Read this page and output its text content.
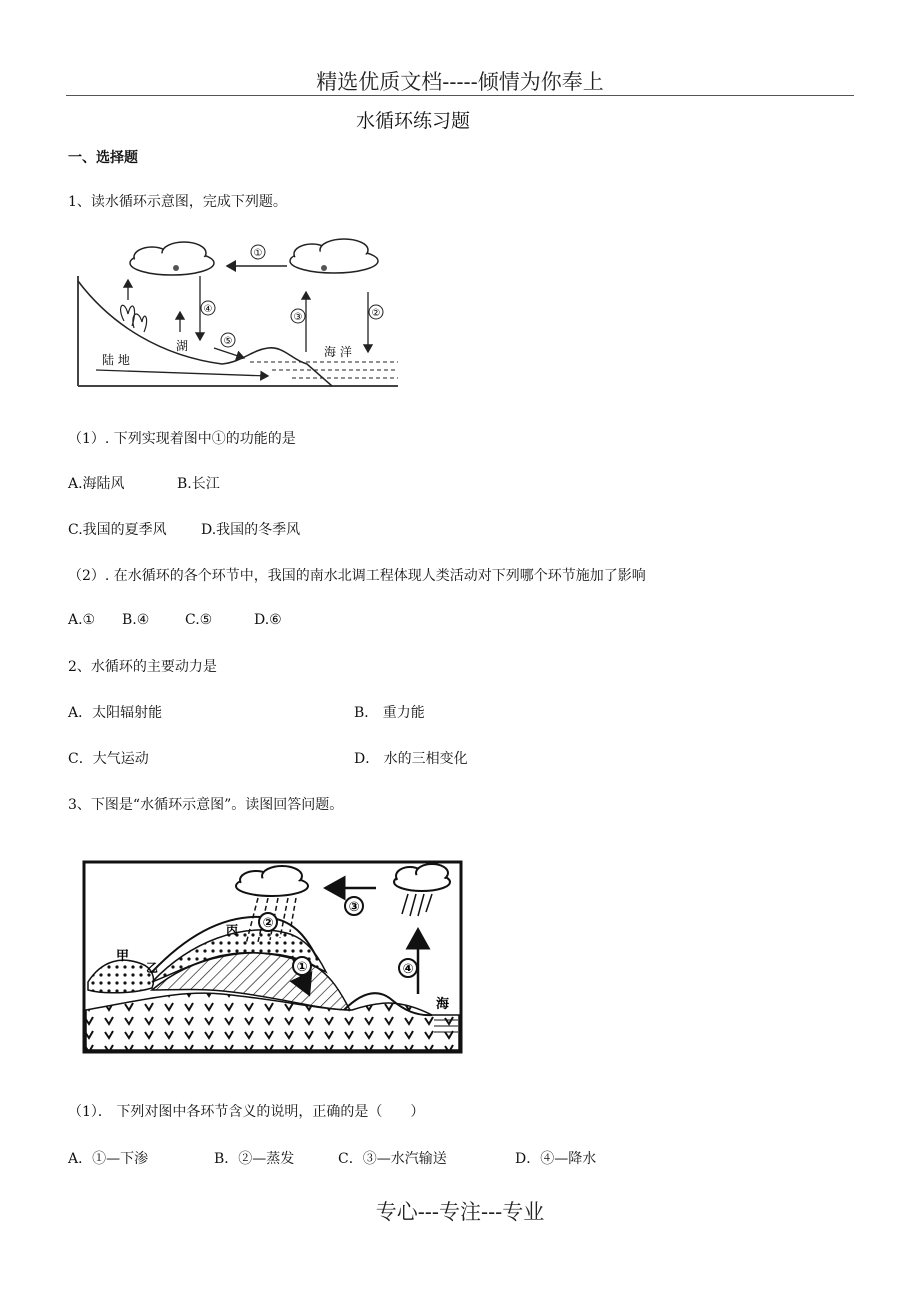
精选优质文档-----倾情为你奉上
水循环练习题
一、选择题
1、读水循环示意图，完成下列题。
①
④
湖	⑤
③	②
海 洋
陆 地
（1）. 下列实现着图中①的功能的是
A.海陆风	B.长江
C.我国的夏季风 D.我国的冬季风
（2）. 在水循环的各个环节中，我国的南水北调工程体现人类活动对下列哪个环节施加了影响
A.① B.④	C.⑤	D.⑥
2、水循环的主要动力是
A．太阳辐射能	B． 重力能
C．大气运动	D． 水的三相变化
3、下图是“水循环示意图”。读图回答问题。
海
③
④
②
①
甲
乙
丙
（1）． 下列对图中各环节含义的说明，正确的是（　　）
A．①—下渗	B．②—蒸发	C．③—水汽输送	D．④—降水
专心---专注---专业
